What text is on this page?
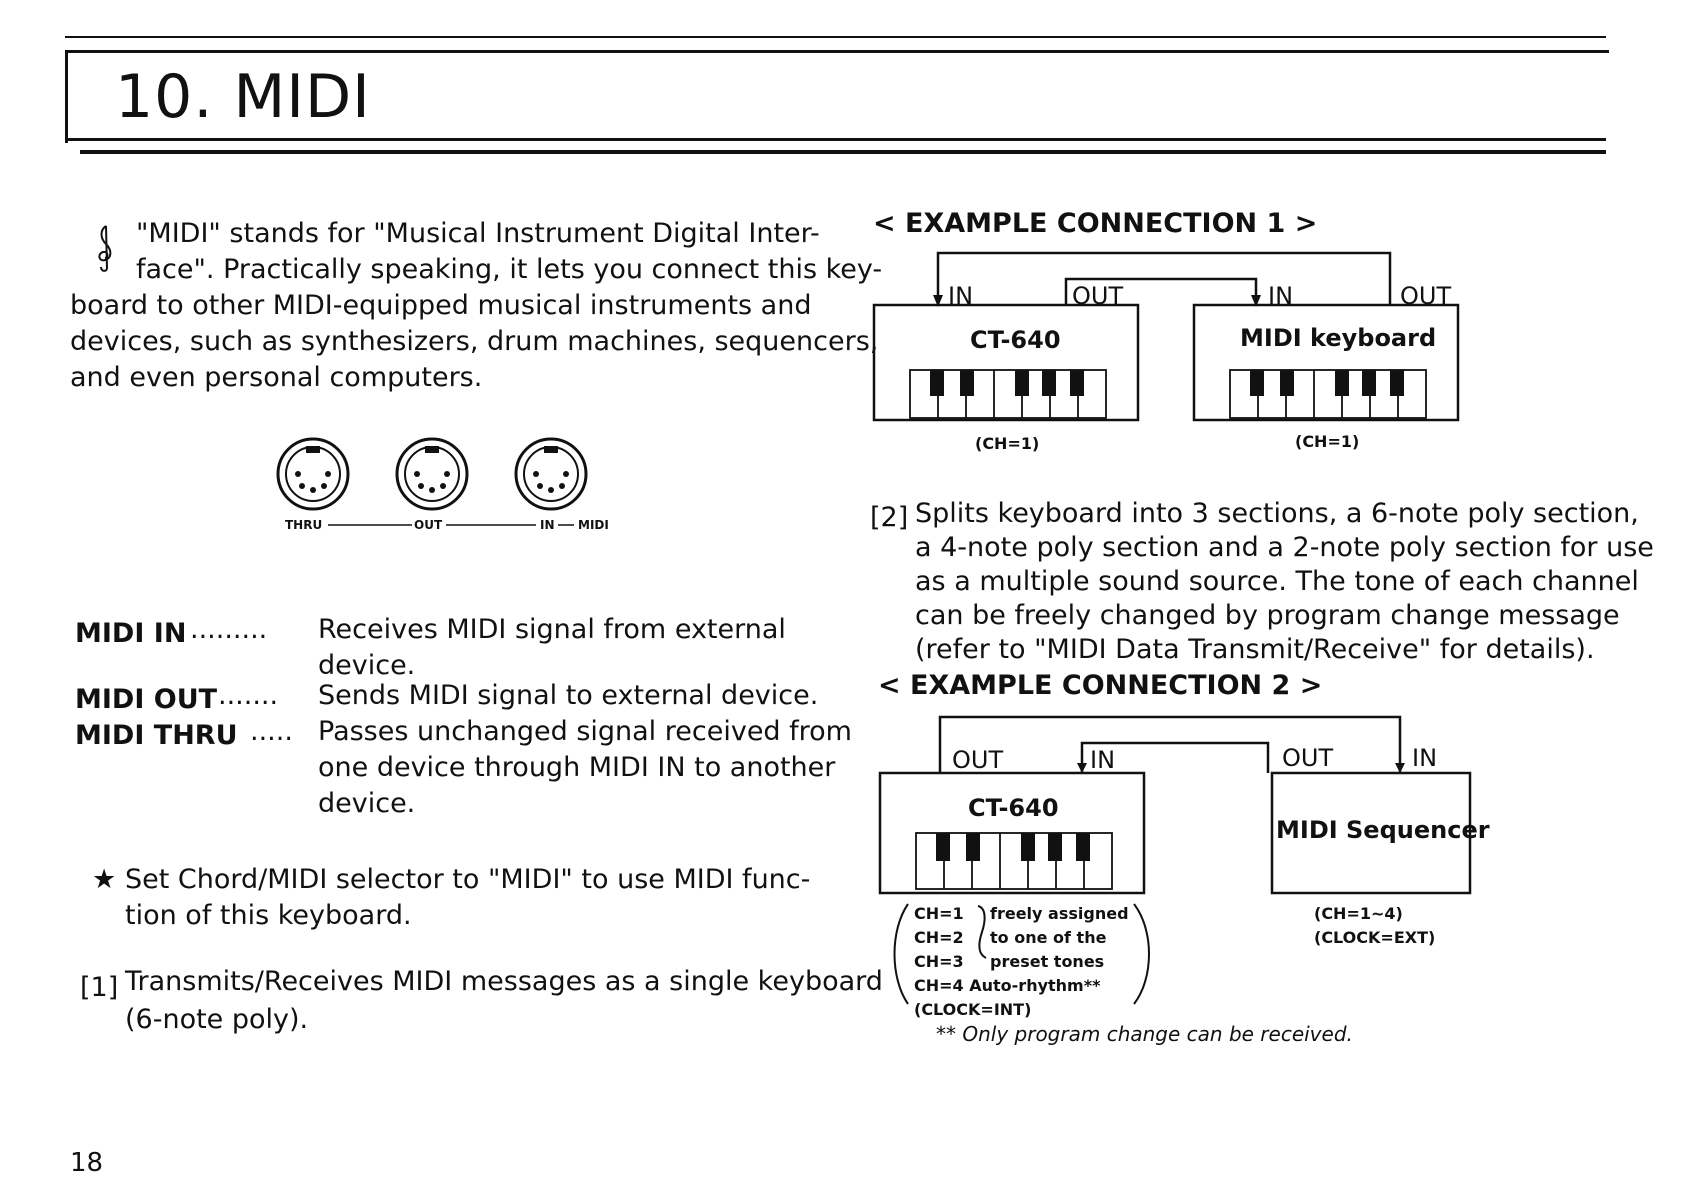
10. MIDI
"MIDI" stands for "Musical Instrument Digital Inter-
face". Practically speaking, it lets you connect this key-
board to other MIDI-equipped musical instruments and
devices, such as synthesizers, drum machines, sequencers,
and even personal computers.
THRU	OUT	IN MIDI
MIDI IN ......... Receives MIDI signal from external
device.
MIDI OUT ....... Sends MIDI signal to external device.
MIDI THRU ..... Passes unchanged signal received from
one device through MIDI IN to another
device.
★ Set Chord/MIDI selector to "MIDI" to use MIDI func-
tion of this keyboard.
[1] Transmits/Receives MIDI messages as a single keyboard
(6-note poly).
< EXAMPLE CONNECTION 1 >
IN	OUT	IN	OUT
CT-640	MIDI keyboard
(CH=1)	(CH=1)
[2] Splits keyboard into 3 sections, a 6-note poly section,
a 4-note poly section and a 2-note poly section for use
as a multiple sound source. The tone of each channel
can be freely changed by program change message
(refer to "MIDI Data Transmit/Receive" for details).
< EXAMPLE CONNECTION 2 >
OUT	IN	OUT	IN
CT-640
MIDI Sequencer
(CH=1~4)
(CLOCK=EXT)
CH=1
CH=2
CH=3
CH=4 Auto-rhythm**
freely assigned
to one of the
preset tones
(CLOCK=INT)
** Only program change can be received.
18
